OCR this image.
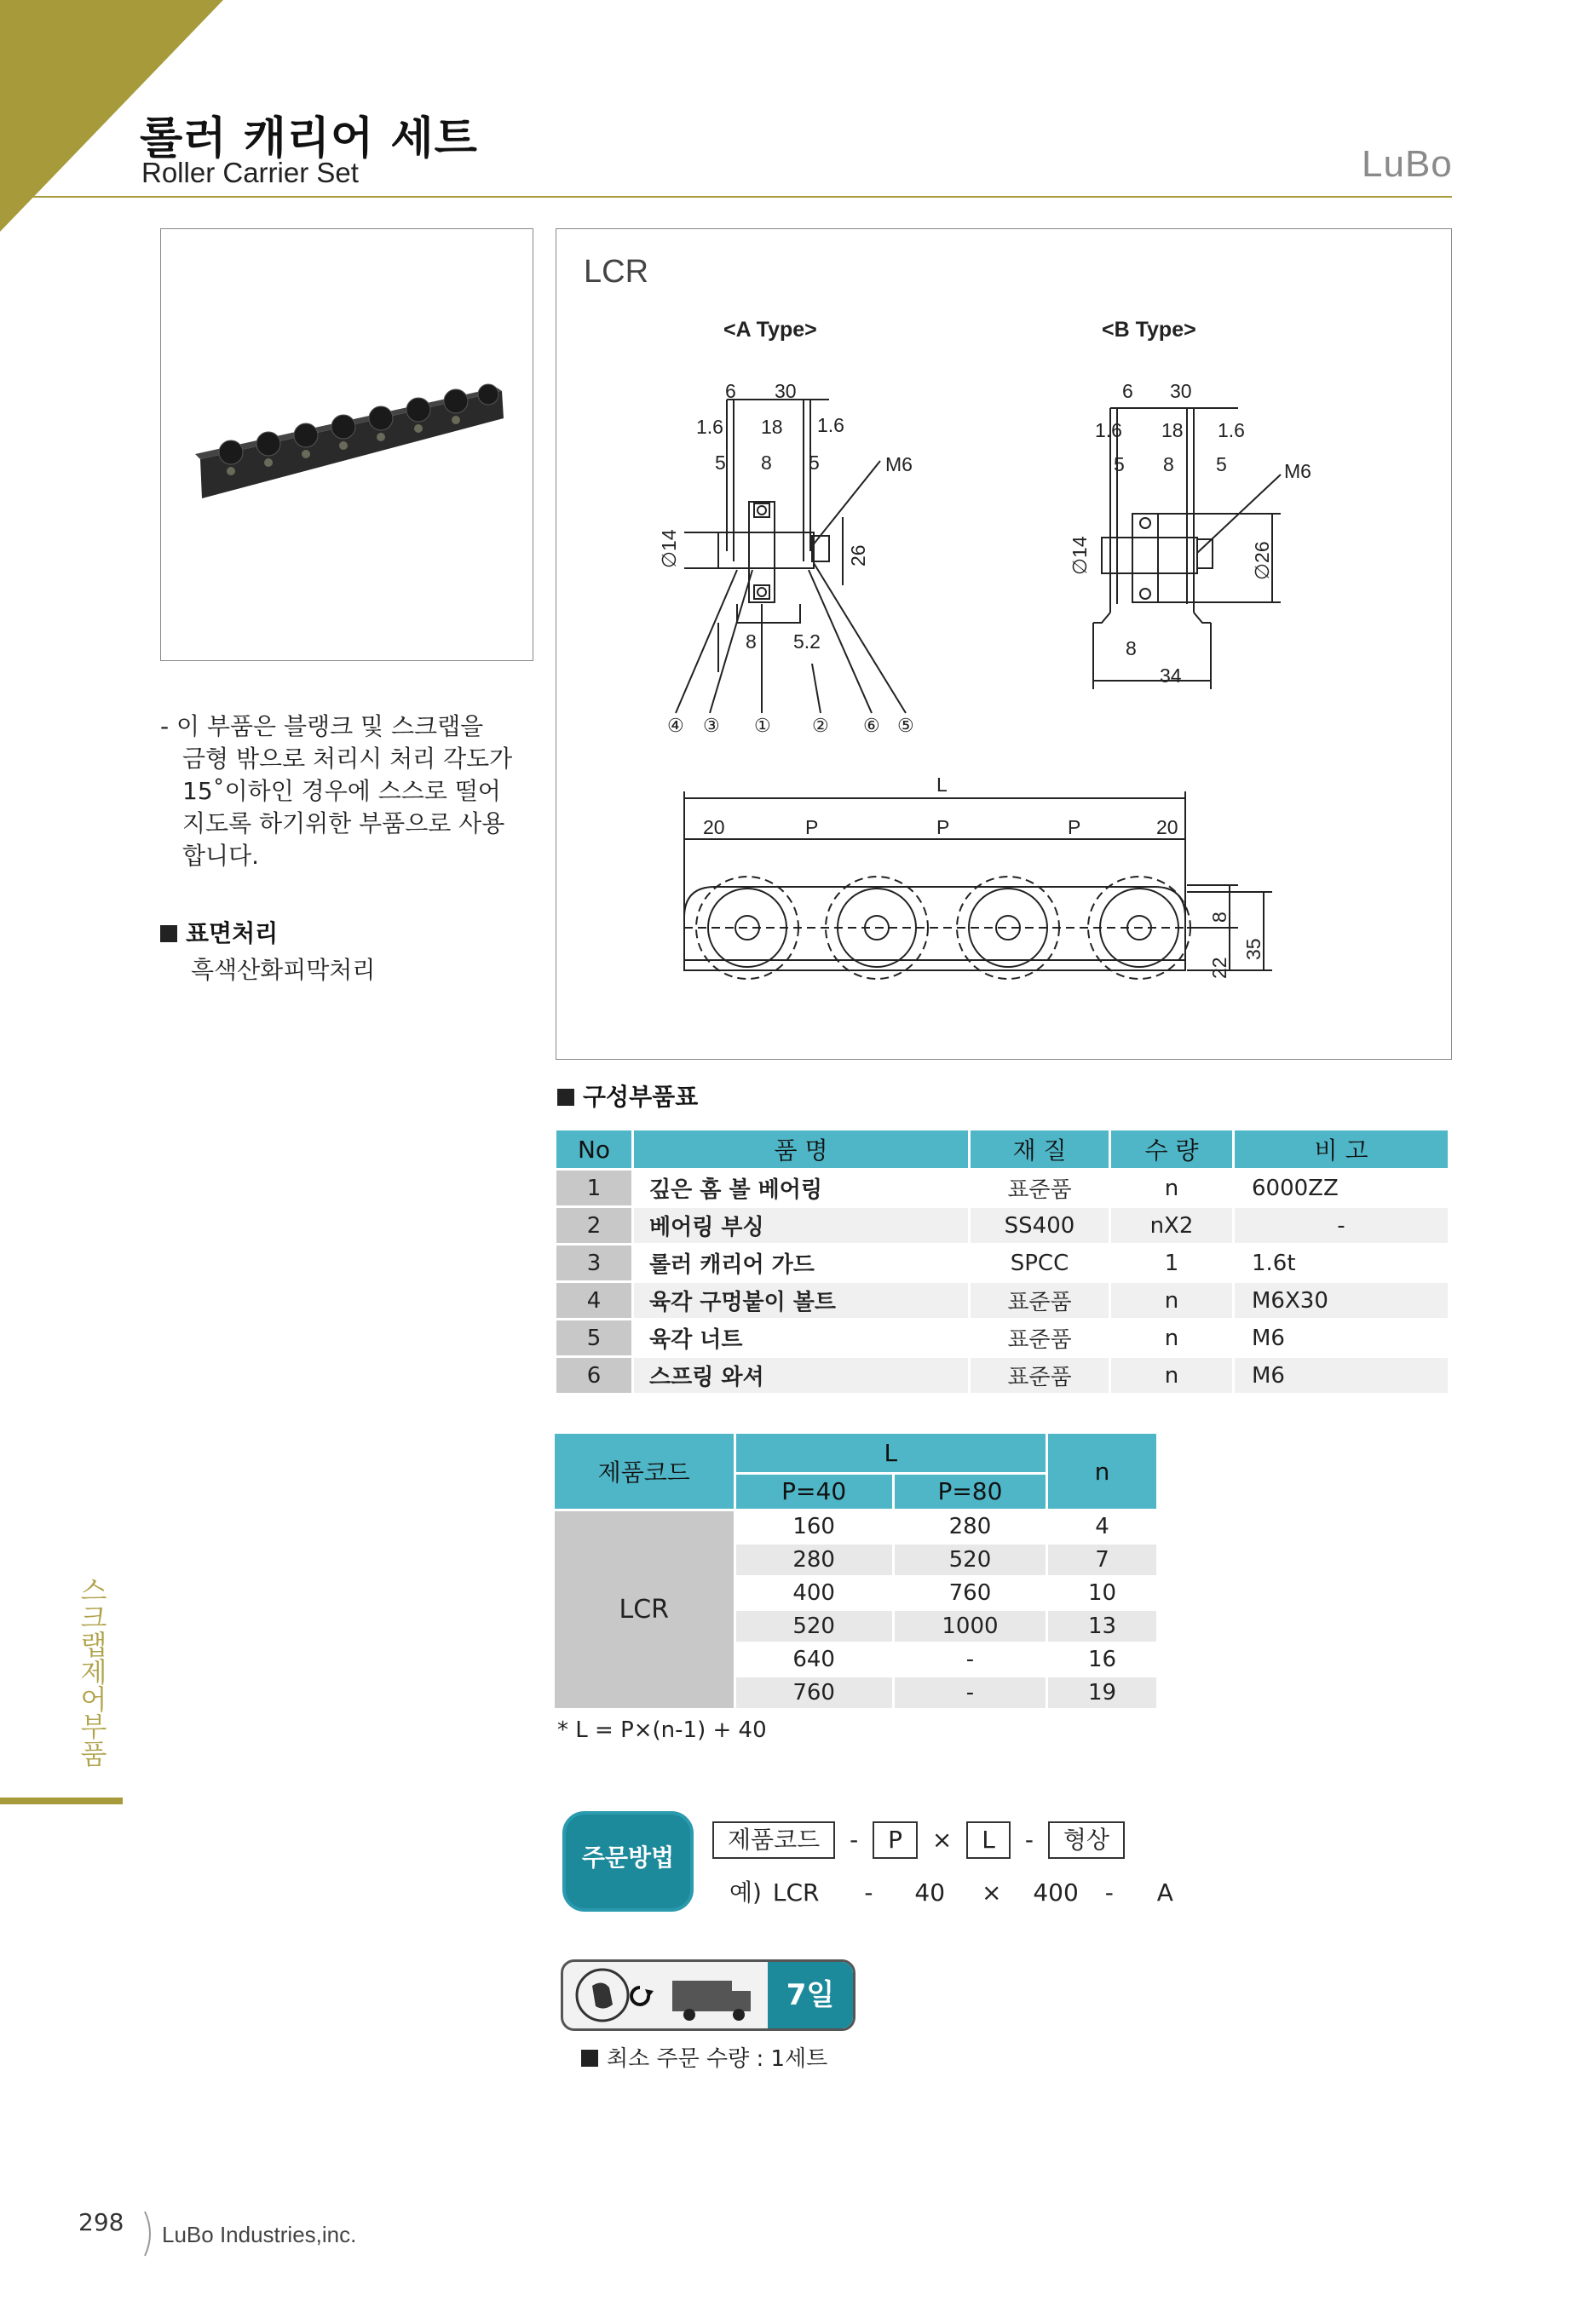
롤러 캐리어 세트
Roller Carrier Set	LuBo
- 이 부품은 블랭크 및 스크랩을
금형 밖으로 처리시 처리 각도가
15˚이하인 경우에 스스로 떨어
지도록 하기위한 부품으로 사용
합니다.
표면처리
흑색산화피막처리
LCR
<A Type>	<B Type>
6 30
1.6 18 1.6
5 8 5	M6
∅14	26
8 5.2
④ ③ ① ② ⑥ ⑤
6 30
1.6 18 1.6
5 8 5	M6
∅14	∅26
8
34
L
20	P	P	P	20
8
22
35
구성부품표
No	품 명	재 질	수 량	비 고
1	깊은 홈 볼 베어링	표준품	n	6000ZZ
2	베어링 부싱	SS400	nX2	-
3	롤러 캐리어 가드	SPCC	1	1.6t
4	육각 구멍붙이 볼트	표준품	n	M6X30
5	육각 너트	표준품	n	M6
6	스프링 와셔	표준품	n	M6
제품코드	L		n
	P=40	P=80	
LCR	160	280	4
	280	520	7
	400	760	10
	520	1000	13
	640	-	16
	760	-	19
* L = P×(n-1) + 40
스크랩제어부품
주문방법
제품코드 - P × L - 형상
예) LCR - 40 × 400 - A
7일
최소 주문 수량 : 1세트
298 LuBo Industries,inc.
